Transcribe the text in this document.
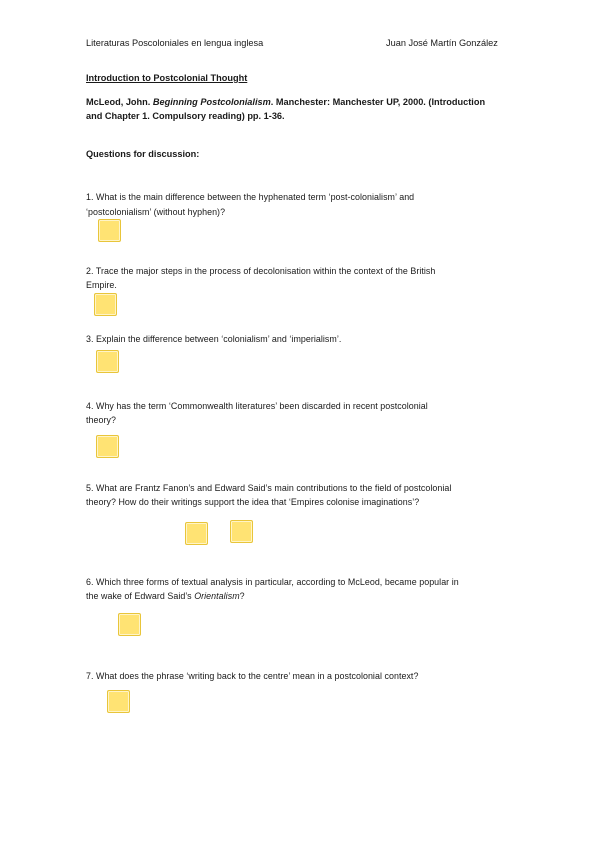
Literaturas Poscoloniales en lengua inglesa	Juan José Martín González
Introduction to Postcolonial Thought
McLeod, John. Beginning Postcolonialism. Manchester: Manchester UP, 2000. (Introduction
and Chapter 1. Compulsory reading) pp. 1-36.
Questions for discussion:
1. What is the main difference between the hyphenated term ‘post-colonialism’ and
‘postcolonialism’ (without hyphen)?
2. Trace the major steps in the process of decolonisation within the context of the British
Empire.
3. Explain the difference between ‘colonialism’ and ‘imperialism’.
4. Why has the term ‘Commonwealth literatures’ been discarded in recent postcolonial
theory?
5. What are Frantz Fanon’s and Edward Said’s main contributions to the field of postcolonial
theory? How do their writings support the idea that ‘Empires colonise imaginations’?
6. Which three forms of textual analysis in particular, according to McLeod, became popular in
the wake of Edward Said’s Orientalism?
7. What does the phrase ‘writing back to the centre’ mean in a postcolonial context?
